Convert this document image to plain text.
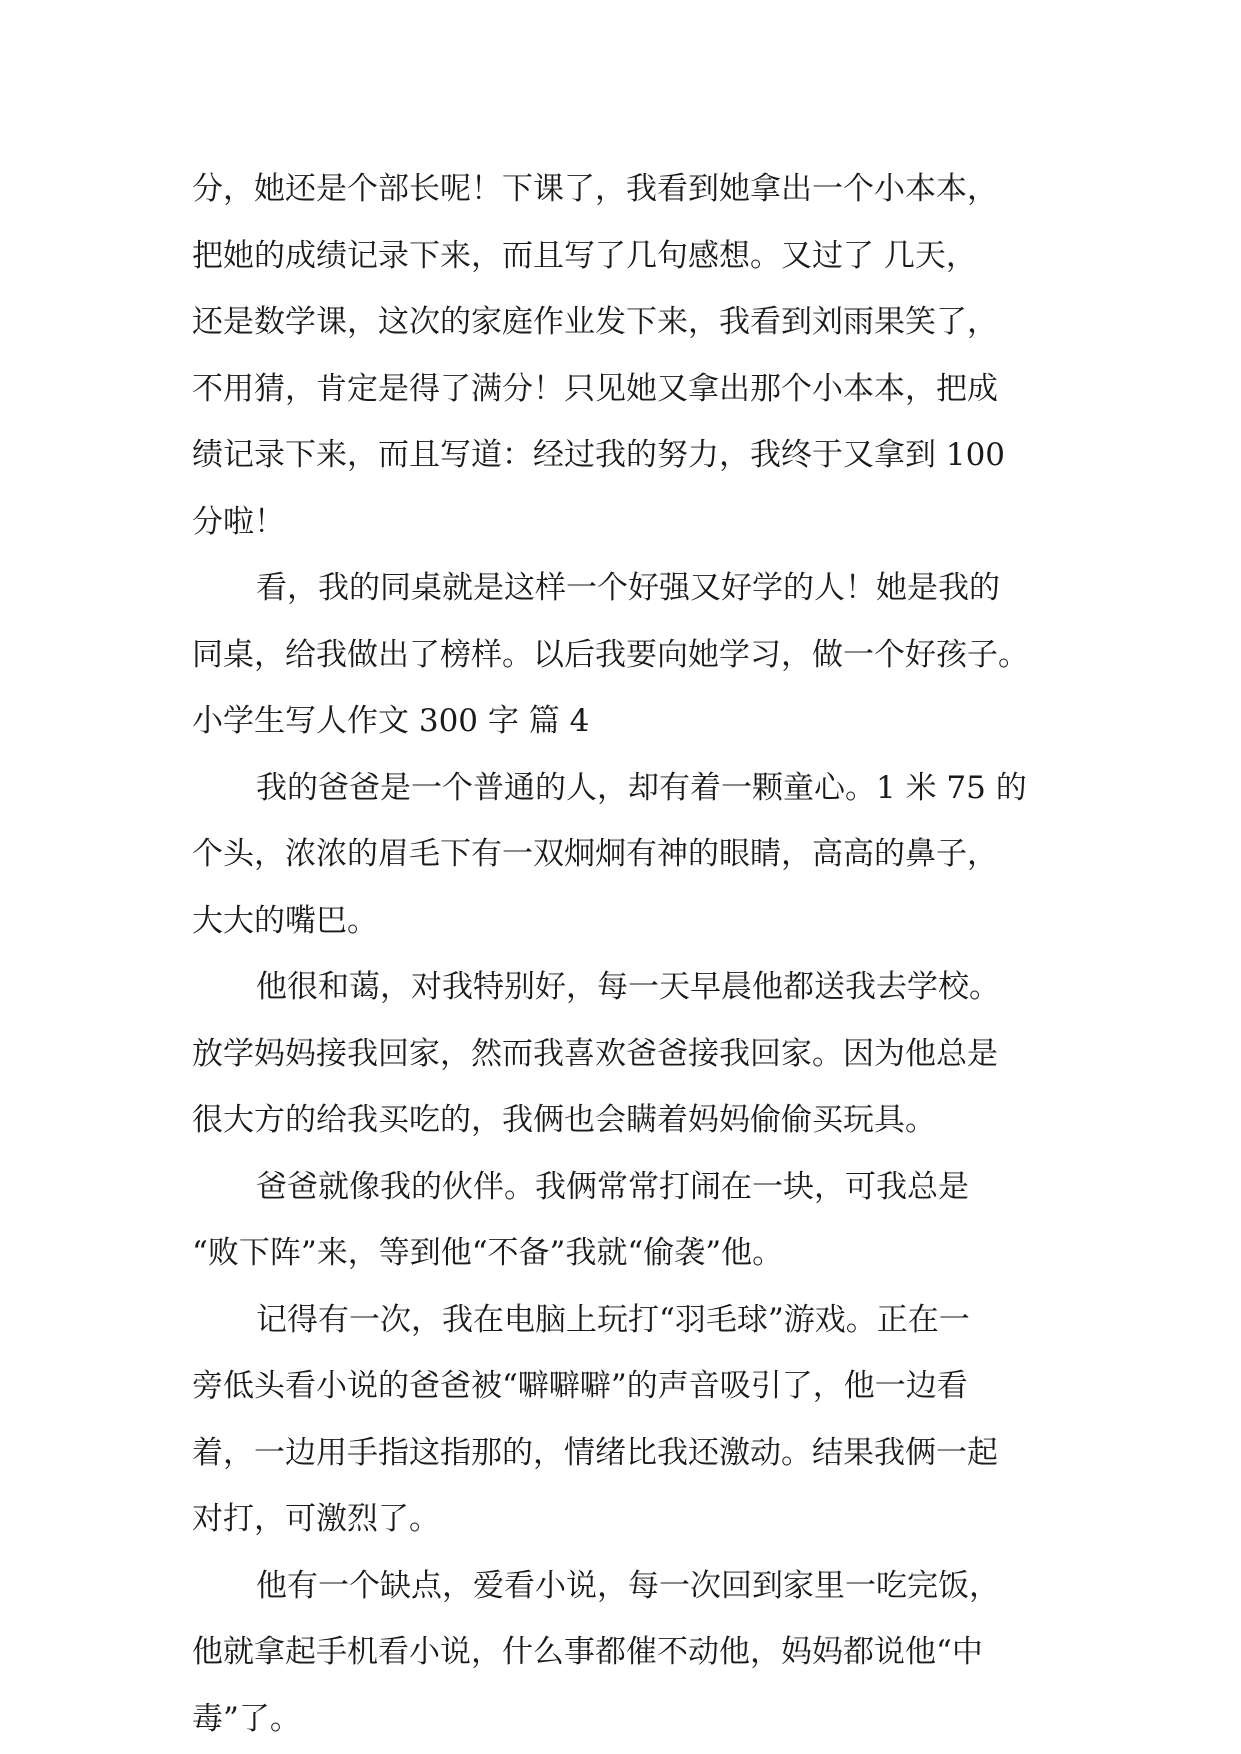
分，她还是个部长呢！下课了，我看到她拿出一个小本本，
把她的成绩记录下来，而且写了几句感想。又过了 几天，
还是数学课，这次的家庭作业发下来，我看到刘雨果笑了，
不用猜，肯定是得了满分！只见她又拿出那个小本本，把成
绩记录下来，而且写道：经过我的努力，我终于又拿到 100
分啦！
看，我的同桌就是这样一个好强又好学的人！她是我的
同桌，给我做出了榜样。以后我要向她学习，做一个好孩子。
小学生写人作文 300 字 篇 4
我的爸爸是一个普通的人，却有着一颗童心。1 米 75 的
个头，浓浓的眉毛下有一双炯炯有神的眼睛，高高的鼻子，
大大的嘴巴。
他很和蔼，对我特别好，每一天早晨他都送我去学校。
放学妈妈接我回家，然而我喜欢爸爸接我回家。因为他总是
很大方的给我买吃的，我俩也会瞒着妈妈偷偷买玩具。
爸爸就像我的伙伴。我俩常常打闹在一块，可我总是
“败下阵”来，等到他“不备”我就“偷袭”他。
记得有一次，我在电脑上玩打“羽毛球”游戏。正在一
旁低头看小说的爸爸被“噼噼噼”的声音吸引了，他一边看
着，一边用手指这指那的，情绪比我还激动。结果我俩一起
对打，可激烈了。
他有一个缺点，爱看小说，每一次回到家里一吃完饭，
他就拿起手机看小说，什么事都催不动他，妈妈都说他“中
毒”了。
